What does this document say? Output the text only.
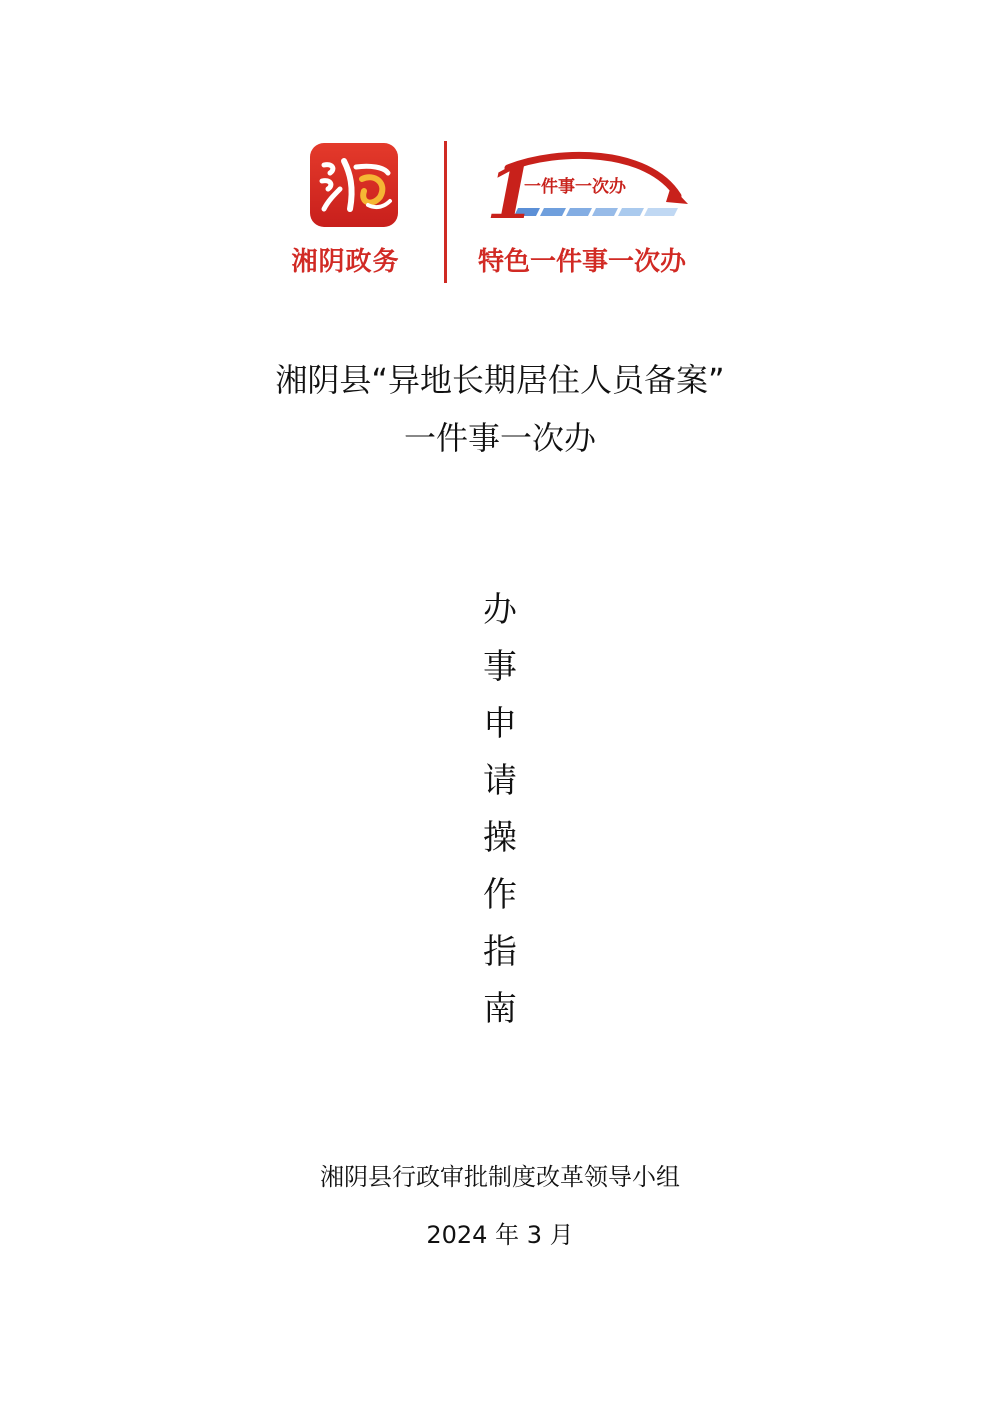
湘阴政务
1
一件事一次办
特色一件事一次办
湘阴县“异地长期居住人员备案”
一件事一次办
办
事
申
请
操
作
指
南
湘阴县行政审批制度改革领导小组
2024 年 3 月
